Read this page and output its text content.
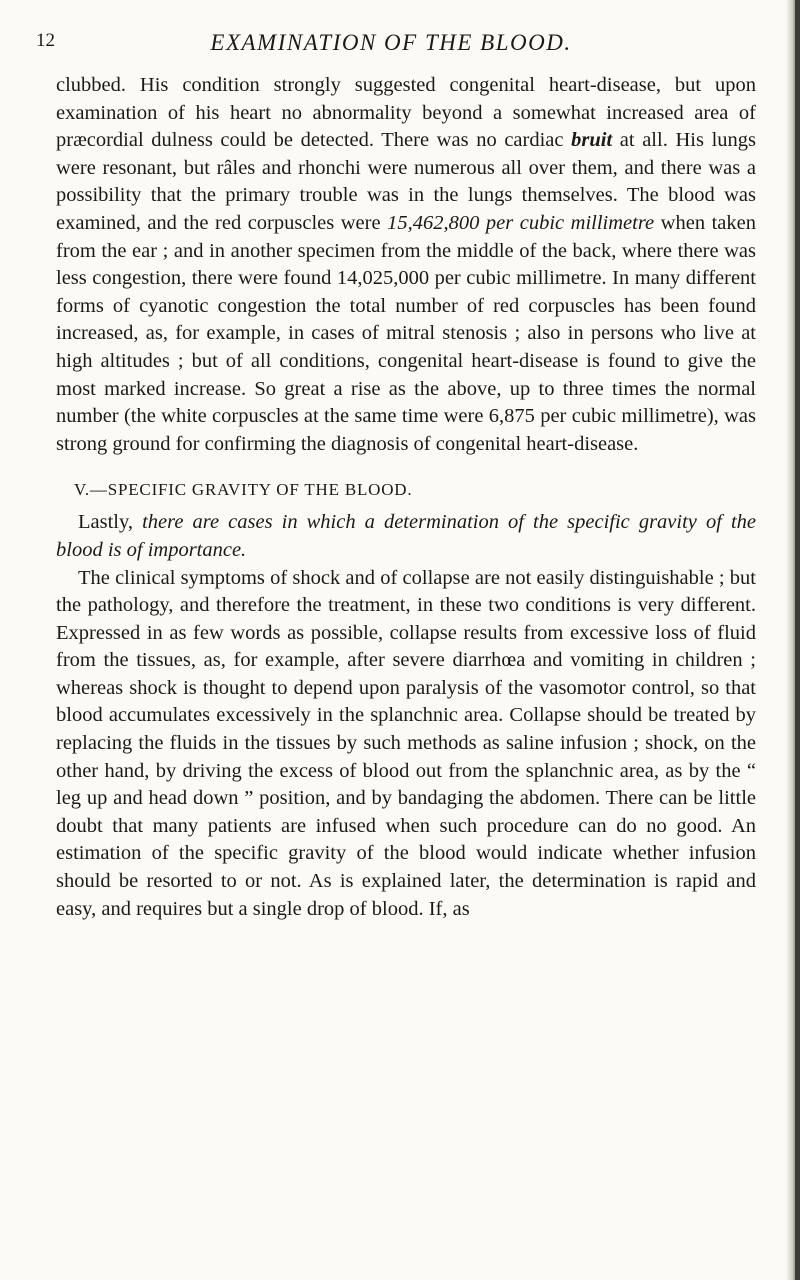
12	EXAMINATION OF THE BLOOD.

clubbed. His condition strongly suggested congenital heart-disease, but upon examination of his heart no abnormality beyond a somewhat increased area of præcordial dulness could be detected. There was no cardiac bruit at all. His lungs were resonant, but râles and rhonchi were numerous all over them, and there was a possibility that the primary trouble was in the lungs themselves. The blood was examined, and the red corpuscles were 15,462,800 per cubic millimetre when taken from the ear ; and in another specimen from the middle of the back, where there was less congestion, there were found 14,025,000 per cubic millimetre. In many different forms of cyanotic congestion the total number of red corpuscles has been found increased, as, for example, in cases of mitral stenosis ; also in persons who live at high altitudes ; but of all conditions, congenital heart-disease is found to give the most marked increase. So great a rise as the above, up to three times the normal number (the white corpuscles at the same time were 6,875 per cubic millimetre), was strong ground for confirming the diagnosis of congenital heart-disease.

V.—SPECIFIC GRAVITY OF THE BLOOD.

Lastly, there are cases in which a determination of the specific gravity of the blood is of importance.

The clinical symptoms of shock and of collapse are not easily distinguishable ; but the pathology, and therefore the treatment, in these two conditions is very different. Expressed in as few words as possible, collapse results from excessive loss of fluid from the tissues, as, for example, after severe diarrhœa and vomiting in children ; whereas shock is thought to depend upon paralysis of the vasomotor control, so that blood accumulates excessively in the splanchnic area. Collapse should be treated by replacing the fluids in the tissues by such methods as saline infusion ; shock, on the other hand, by driving the excess of blood out from the splanchnic area, as by the “ leg up and head down ” position, and by bandaging the abdomen. There can be little doubt that many patients are infused when such procedure can do no good. An estimation of the specific gravity of the blood would indicate whether infusion should be resorted to or not. As is explained later, the determination is rapid and easy, and requires but a single drop of blood. If, as
